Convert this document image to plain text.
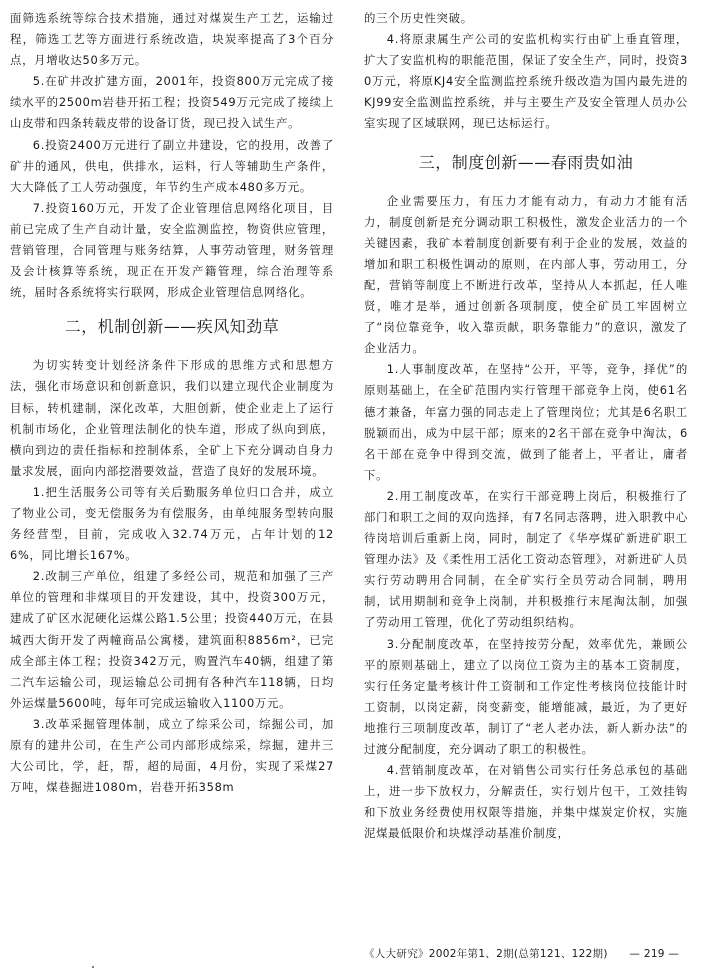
面筛选系统等综合技术措施，通过对煤炭生产工艺，运输过程，筛选工艺等方面进行系统改造，块炭率提高了3个百分点，月增收达50多万元。

5.在矿井改扩建方面，2001年，投资800万元完成了接续水平的2500m岩巷开拓工程；投资549万元完成了接续上山皮带和四条转载皮带的设备订货，现已投入试生产。

6.投资2400万元进行了副立井建设，它的投用，改善了矿井的通风，供电，供排水，运料，行人等辅助生产条件，大大降低了工人劳动强度，年节约生产成本480多万元。

7.投资160万元，开发了企业管理信息网络化项目，目前已完成了生产自动计量，安全监测监控，物资供应管理，营销管理，合同管理与账务结算，人事劳动管理，财务管理及会计核算等系统，现正在开发产籍管理，综合治理等系统，届时各系统将实行联网，形成企业管理信息网络化。

二，机制创新——疾风知劲草

为切实转变计划经济条件下形成的思维方式和思想方法，强化市场意识和创新意识，我们以建立现代企业制度为目标，转机建制，深化改革，大胆创新，使企业走上了运行机制市场化，企业管理法制化的快车道，形成了纵向到底，横向到边的责任指标和控制体系，全矿上下充分调动自身力量求发展，面向内部挖潜要效益，营造了良好的发展环境。

1.把生活服务公司等有关后勤服务单位归口合并，成立了物业公司，变无偿服务为有偿服务，由单纯服务型转向服务经营型，目前，完成收入32.74万元，占年计划的126%，同比增长167%。

2.改制三产单位，组建了多经公司，规范和加强了三产单位的管理和非煤项目的开发建设，其中，投资300万元，建成了矿区水泥硬化运煤公路1.5公里；投资440万元，在县城西大街开发了两幢商品公寓楼，建筑面积8856m²，已完成全部主体工程；投资342万元，购置汽车40辆，组建了第二汽车运输公司，现运输总公司拥有各种汽车118辆，日均外运煤量5600吨，每年可完成运输收入1100万元。

3.改革采掘管理体制，成立了综采公司，综掘公司，加原有的建井公司，在生产公司内部形成综采，综掘，建井三大公司比，学，赶，帮，超的局面，4月份，实现了采煤27万吨，煤巷掘进1080m，岩巷开拓358m

的三个历史性突破。

4.将原隶属生产公司的安监机构实行由矿上垂直管理，扩大了安监机构的职能范围，保证了安全生产，同时，投资30万元，将原KJ4安全监测监控系统升级改造为国内最先进的KJ99安全监测监控系统，并与主要生产及安全管理人员办公室实现了区域联网，现已达标运行。

三，制度创新——春雨贵如油

企业需要压力，有压力才能有动力，有动力才能有活力，制度创新是充分调动职工积极性，激发企业活力的一个关键因素，我矿本着制度创新要有利于企业的发展，效益的增加和职工积极性调动的原则，在内部人事，劳动用工，分配，营销等制度上不断进行改革，坚持从人本抓起，任人唯贤，唯才是举，通过创新各项制度，使全矿员工牢固树立了“岗位靠竞争，收入靠贡献，职务靠能力”的意识，激发了企业活力。

1.人事制度改革，在坚持“公开，平等，竞争，择优”的原则基础上，在全矿范围内实行管理干部竞争上岗，使61名德才兼备，年富力强的同志走上了管理岗位；尤其是6名职工脱颖而出，成为中层干部；原来的2名干部在竞争中淘汰，6名干部在竞争中得到交流，做到了能者上，平者让，庸者下。

2.用工制度改革，在实行干部竞聘上岗后，积极推行了部门和职工之间的双向选择，有7名同志落聘，进入职教中心待岗培训后重新上岗，同时，制定了《华亭煤矿新进矿职工管理办法》及《柔性用工活化工资动态管理》，对新进矿人员实行劳动聘用合同制，在全矿实行全员劳动合同制，聘用制，试用期制和竞争上岗制，并积极推行末尾淘汰制，加强了劳动用工管理，优化了劳动组织结构。

3.分配制度改革，在坚持按劳分配，效率优先，兼顾公平的原则基础上，建立了以岗位工资为主的基本工资制度，实行任务定量考核计件工资制和工作定性考核岗位技能计时工资制，以岗定薪，岗变薪变，能增能减，最近，为了更好地推行三项制度改革，制订了“老人老办法，新人新办法”的过渡分配制度，充分调动了职工的积极性。

4.营销制度改革，在对销售公司实行任务总承包的基础上，进一步下放权力，分解责任，实行划片包干，工效挂钩和下放业务经费使用权限等措施，并集中煤炭定价权，实施泥煤最低限价和块煤浮动基准价制度，

《人大研究》2002年第1、2期(总第121、122期) — 219 —
